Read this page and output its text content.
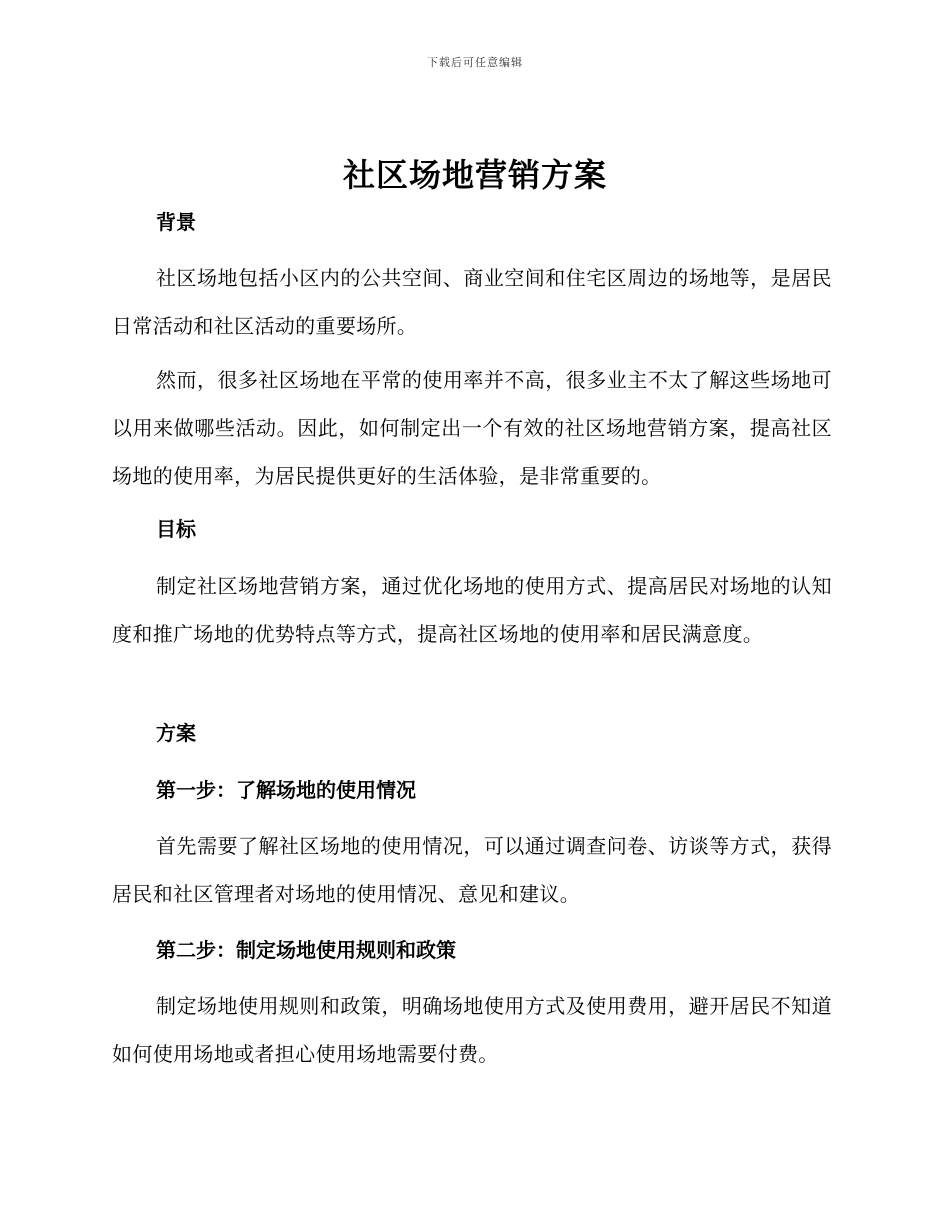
下载后可任意编辑
社区场地营销方案
背景
社区场地包括小区内的公共空间、商业空间和住宅区周边的场地等，是居民日常活动和社区活动的重要场所。
然而，很多社区场地在平常的使用率并不高，很多业主不太了解这些场地可以用来做哪些活动。因此，如何制定出一个有效的社区场地营销方案，提高社区场地的使用率，为居民提供更好的生活体验，是非常重要的。
目标
制定社区场地营销方案，通过优化场地的使用方式、提高居民对场地的认知度和推广场地的优势特点等方式，提高社区场地的使用率和居民满意度。
方案
第一步：了解场地的使用情况
首先需要了解社区场地的使用情况，可以通过调查问卷、访谈等方式，获得居民和社区管理者对场地的使用情况、意见和建议。
第二步：制定场地使用规则和政策
制定场地使用规则和政策，明确场地使用方式及使用费用，避开居民不知道如何使用场地或者担心使用场地需要付费。
